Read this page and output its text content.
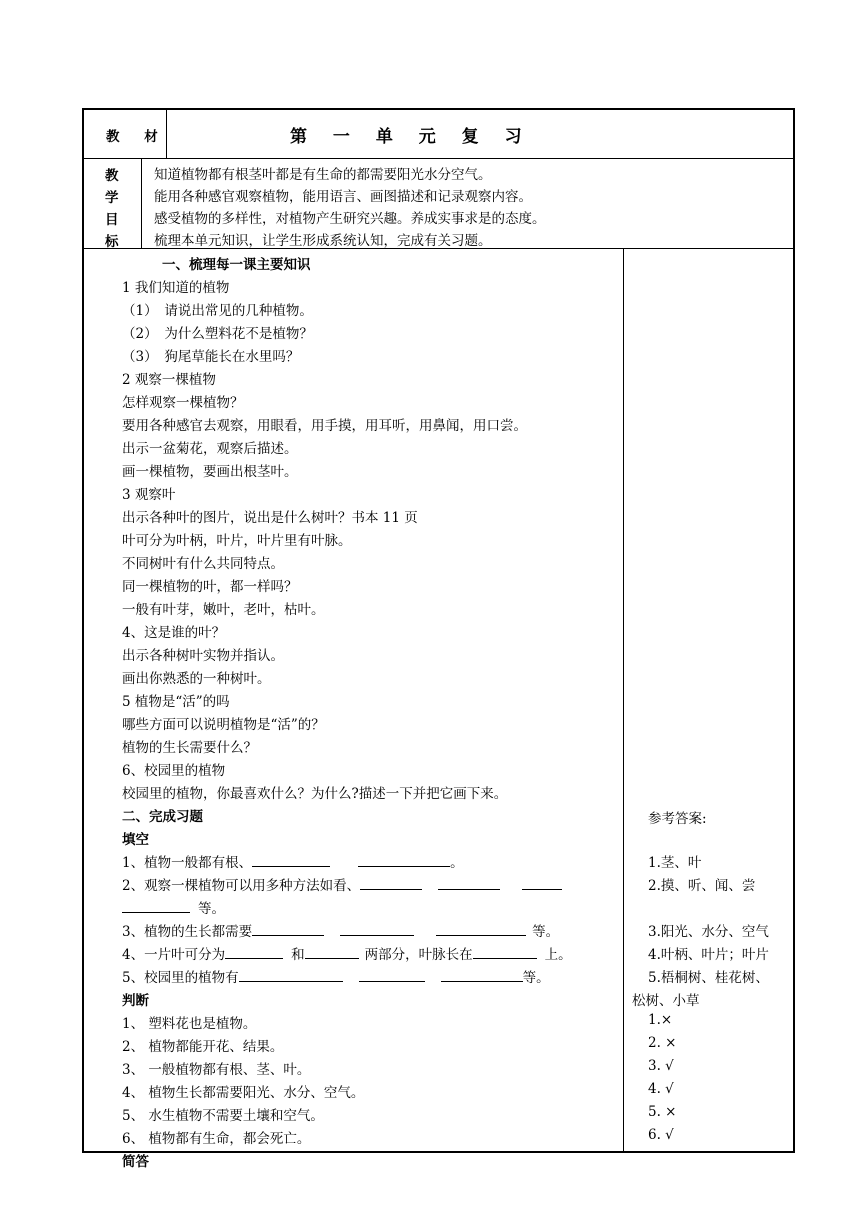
教 材	第 一 单 元 复 习
教
学
目
标
知道植物都有根茎叶都是有生命的都需要阳光水分空气。
能用各种感官观察植物，能用语言、画图描述和记录观察内容。
感受植物的多样性，对植物产生研究兴趣。养成实事求是的态度。
梳理本单元知识，让学生形成系统认知，完成有关习题。
一、梳理每一课主要知识
1 我们知道的植物
（1）　请说出常见的几种植物。
（2）　为什么塑料花不是植物？
（3）　狗尾草能长在水里吗？
2 观察一棵植物
怎样观察一棵植物？
要用各种感官去观察，用眼看，用手摸，用耳听，用鼻闻，用口尝。
出示一盆菊花，观察后描述。
画一棵植物，要画出根茎叶。
3 观察叶
出示各种叶的图片，说出是什么树叶？书本 11 页
叶可分为叶柄，叶片，叶片里有叶脉。
不同树叶有什么共同特点。
同一棵植物的叶，都一样吗？
一般有叶芽，嫩叶，老叶，枯叶。
4、这是谁的叶？
出示各种树叶实物并指认。
画出你熟悉的一种树叶。
5 植物是“活”的吗
哪些方面可以说明植物是“活”的？
植物的生长需要什么？
6、校园里的植物
校园里的植物，你最喜欢什么？为什么?描述一下并把它画下来。
二、完成习题
填空
1、植物一般都有根、	。
2、观察一棵植物可以用多种方法如看、
等。
3、植物的生长都需要	等。
4、一片叶可分为	和	两部分，叶脉长在	上。
5、校园里的植物有	等。
判断
1、 塑料花也是植物。
2、 植物都能开花、结果。
3、 一般植物都有根、茎、叶。
4、 植物生长都需要阳光、水分、空气。
5、 水生植物不需要土壤和空气。
6、 植物都有生命，都会死亡。
简答
参考答案:
1.茎、叶
2.摸、听、闻、尝
3.阳光、水分、空气
4.叶柄、叶片；叶片
5.梧桐树、桂花树、
松树、小草
1.×
2. ×
3. √
4. √
5. ×
6. √
